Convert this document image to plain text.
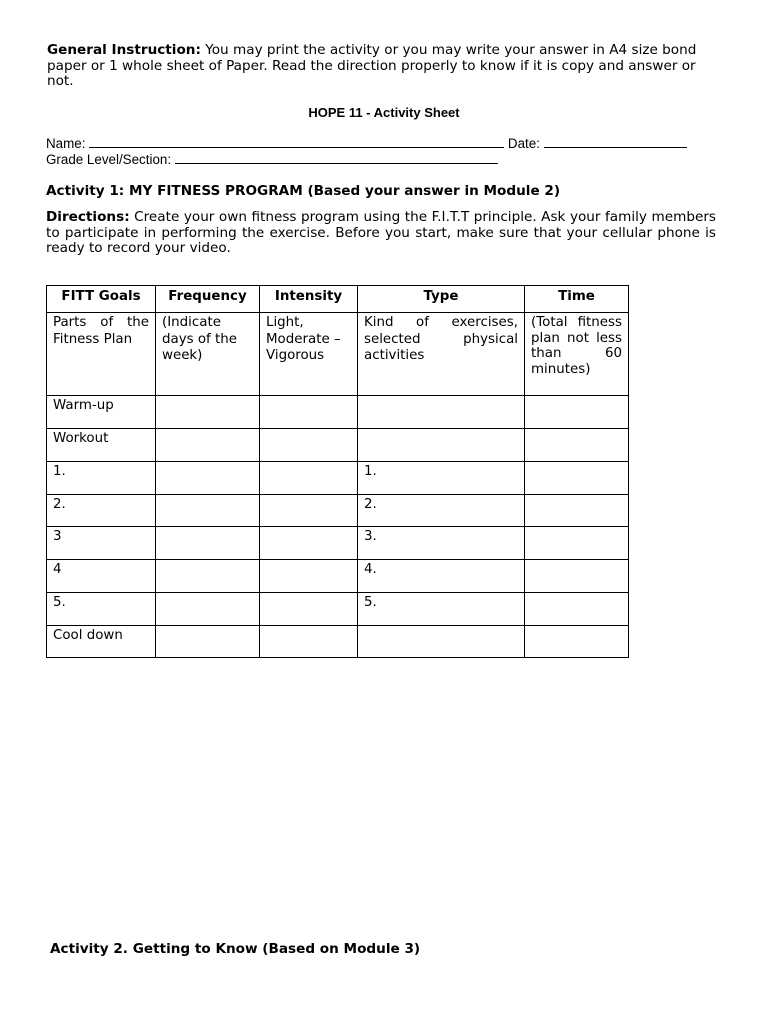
General Instruction: You may print the activity or you may write your answer in A4 size bond paper or 1 whole sheet of Paper. Read the direction properly to know if it is copy and answer or not.
HOPE 11 - Activity Sheet
Name:	Date:
Grade Level/Section:
Activity 1: MY FITNESS PROGRAM (Based your answer in Module 2)
Directions: Create your own fitness program using the F.I.T.T principle. Ask your family members to participate in performing the exercise. Before you start, make sure that your cellular phone is ready to record your video.
FITT Goals	Frequency	Intensity	Type	Time
Parts of the Fitness Plan	(Indicate days of the week)	Light, Moderate – Vigorous	Kind of exercises, selected physical activities	(Total fitness plan not less than 60 minutes)
Warm-up				
Workout				
1.			1.	
2.			2.	
3			3.	
4			4.	
5.			5.	
Cool down				
Activity 2. Getting to Know (Based on Module 3)
